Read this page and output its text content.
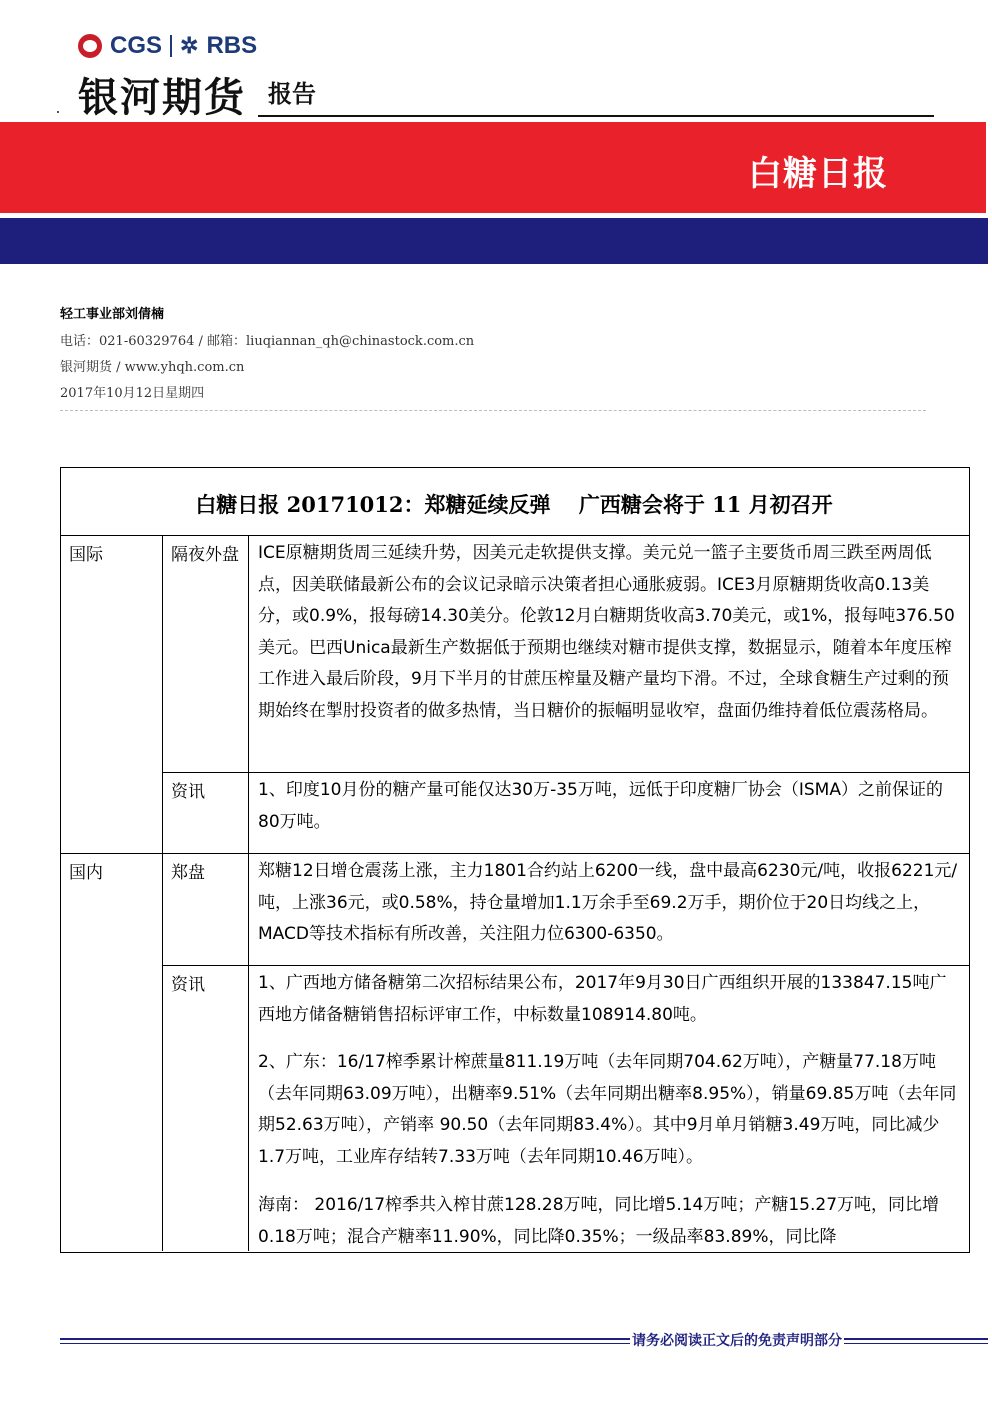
CGS ✲ RBS
银河期货 报告
白糖日报
轻工事业部刘倩楠
电话：021-60329764 / 邮箱：liuqiannan_qh@chinastock.com.cn
银河期货 / www.yhqh.com.cn
2017年10月12日星期四
白糖日报 20171012：郑糖延续反弹　 广西糖会将于 11 月初召开
国际	隔夜外盘 ICE原糖期货周三延续升势，因美元走软提供支撑。美元兑一篮子主要货币周三跌至两周低点，因美联储最新公布的会议记录暗示决策者担心通胀疲弱。ICE3月原糖期货收高0.13美分，或0.9%，报每磅14.30美分。伦敦12月白糖期货收高3.70美元，或1%，报每吨376.50美元。巴西Unica最新生产数据低于预期也继续对糖市提供支撑，数据显示，随着本年度压榨工作进入最后阶段，9月下半月的甘蔗压榨量及糖产量均下滑。不过，全球食糖生产过剩的预期始终在掣肘投资者的做多热情，当日糖价的振幅明显收窄，盘面仍维持着低位震荡格局。
资讯	1、印度10月份的糖产量可能仅达30万-35万吨，远低于印度糖厂协会（ISMA）之前保证的80万吨。
国内	郑盘	郑糖12日增仓震荡上涨，主力1801合约站上6200一线，盘中最高6230元/吨，收报6221元/吨，上涨36元，或0.58%，持仓量增加1.1万余手至69.2万手，期价位于20日均线之上，MACD等技术指标有所改善，关注阻力位6300-6350。
资讯	1、广西地方储备糖第二次招标结果公布，2017年9月30日广西组织开展的133847.15吨广西地方储备糖销售招标评审工作，中标数量108914.80吨。
2、广东：16/17榨季累计榨蔗量811.19万吨（去年同期704.62万吨），产糖量77.18万吨（去年同期63.09万吨），出糖率9.51%（去年同期出糖率8.95%），销量69.85万吨（去年同期52.63万吨），产销率 90.50（去年同期83.4%）。其中9月单月销糖3.49万吨，同比减少1.7万吨，工业库存结转7.33万吨（去年同期10.46万吨）。
海南： 2016/17榨季共入榨甘蔗128.28万吨，同比增5.14万吨；产糖15.27万吨，同比增0.18万吨；混合产糖率11.90%，同比降0.35%；一级品率83.89%，同比降
请务必阅读正文后的免责声明部分
